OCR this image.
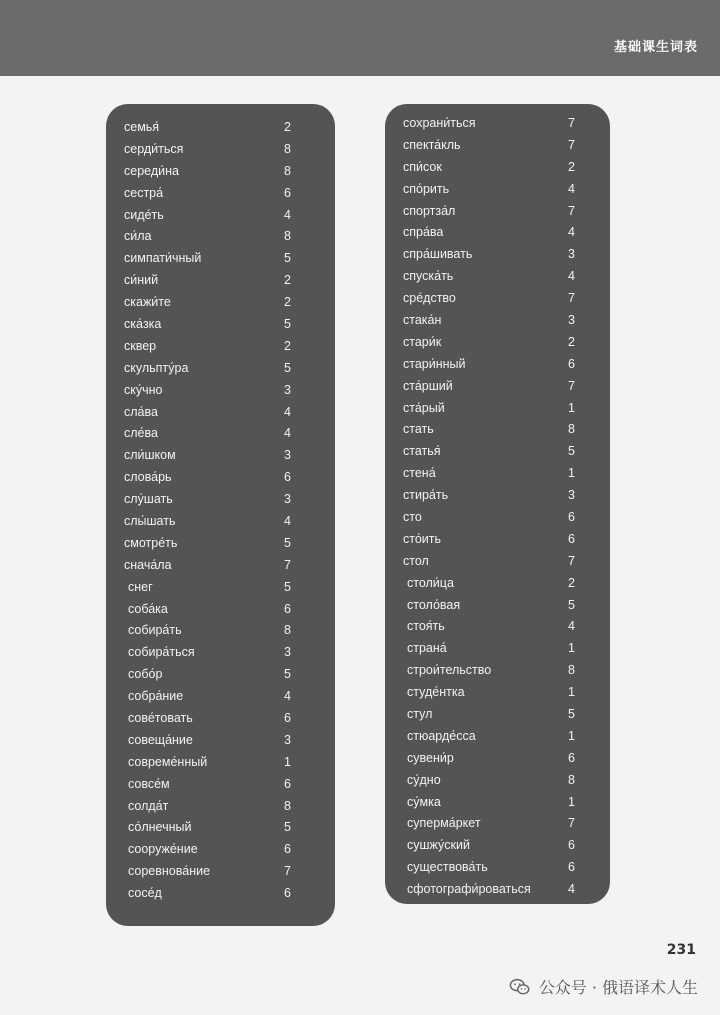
基础课生词表
семья́	2
серди́ться	8
середи́на	8
сестра́	6
сиде́ть	4
си́ла	8
симпати́чный	5
си́ний	2
скажи́те	2
ска́зка	5
сквер	2
скульпту́ра	5
ску́чно	3
сла́ва	4
сле́ва	4
сли́шком	3
слова́рь	6
слу́шать	3
слы́шать	4
смотре́ть	5
снача́ла	7
снег	5
соба́ка	6
собира́ть	8
собира́ться	3
собо́р	5
собра́ние	4
сове́товать	6
совеща́ние	3
совреме́нный	1
совсе́м	6
солда́т	8
со́лнечный	5
сооруже́ние	6
соревнова́ние	7
сосе́д	6
сохрани́ться	7
спекта́кль	7
спи́сок	2
спо́рить	4
спортза́л	7
спра́ва	4
спра́шивать	3
спуска́ть	4
сре́дство	7
стака́н	3
стари́к	2
стари́нный	6
ста́рший	7
ста́рый	1
стать	8
статья́	5
стена́	1
стира́ть	3
сто	6
сто́ить	6
стол	7
столи́ца	2
столо́вая	5
стоя́ть	4
страна́	1
строи́тельство	8
студе́нтка	1
стул	5
стюарде́сса	1
сувени́р	6
су́дно	8
су́мка	1
суперма́ркет	7
сушжу́ский	6
существова́ть	6
сфотографи́роваться	4
231
公众号 · 俄语译术人生
